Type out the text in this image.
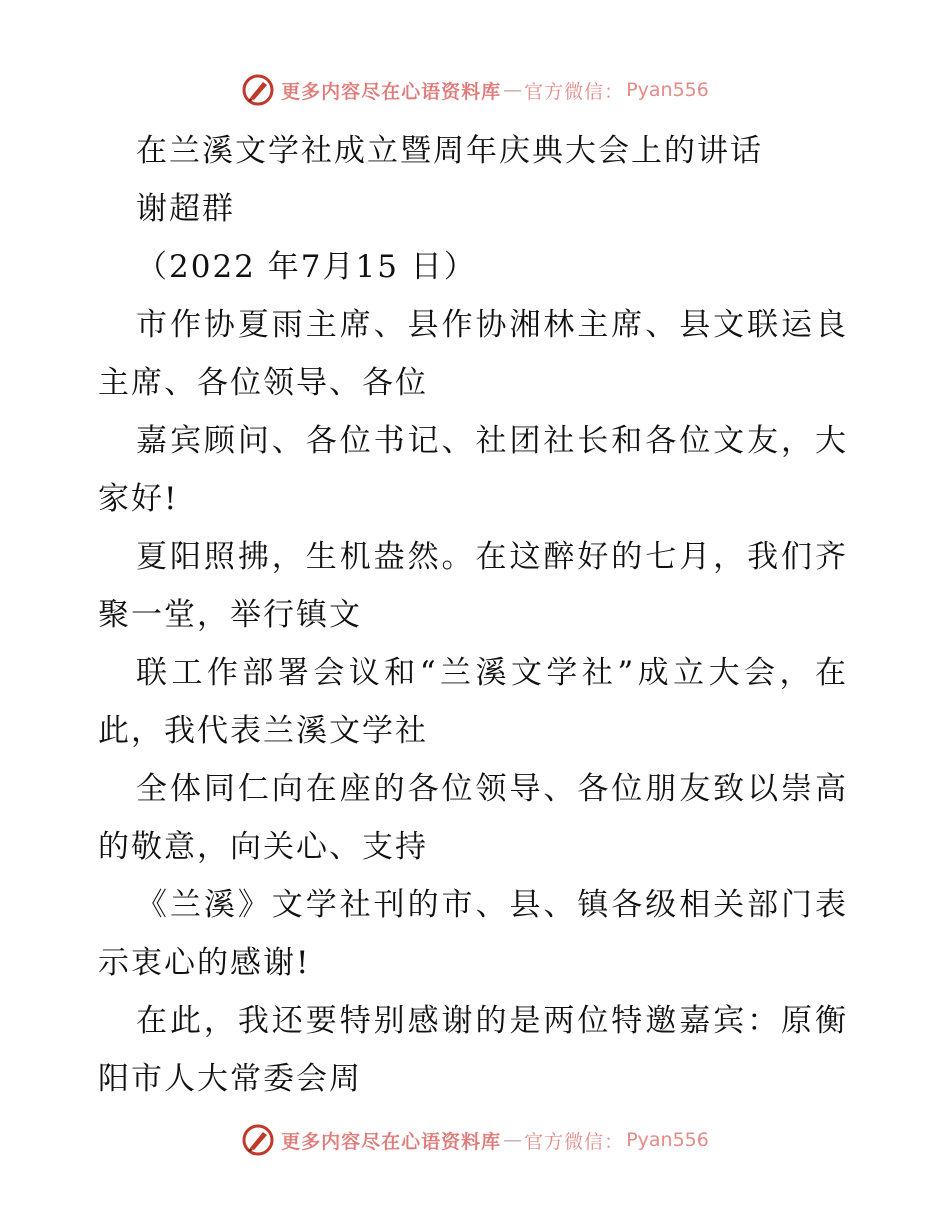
更多内容尽在心语资料库 — 官方微信： Pyan556
在兰溪文学社成立暨周年庆典大会上的讲话
谢超群
（2022 年7月15 日）
市作协夏雨主席、县作协湘林主席、县文联运良
主席、各位领导、各位
嘉宾顾问、各位书记、社团社长和各位文友，大
家好!
夏阳照拂，生机盎然。在这醉好的七月，我们齐
聚一堂，举行镇文
联工作部署会议和“兰溪文学社”成立大会，在
此，我代表兰溪文学社
全体同仁向在座的各位领导、各位朋友致以崇高
的敬意，向关心、支持
《兰溪》文学社刊的市、县、镇各级相关部门表
示衷心的感谢!
在此，我还要特别感谢的是两位特邀嘉宾：原衡
阳市人大常委会周
更多内容尽在心语资料库 — 官方微信： Pyan556
